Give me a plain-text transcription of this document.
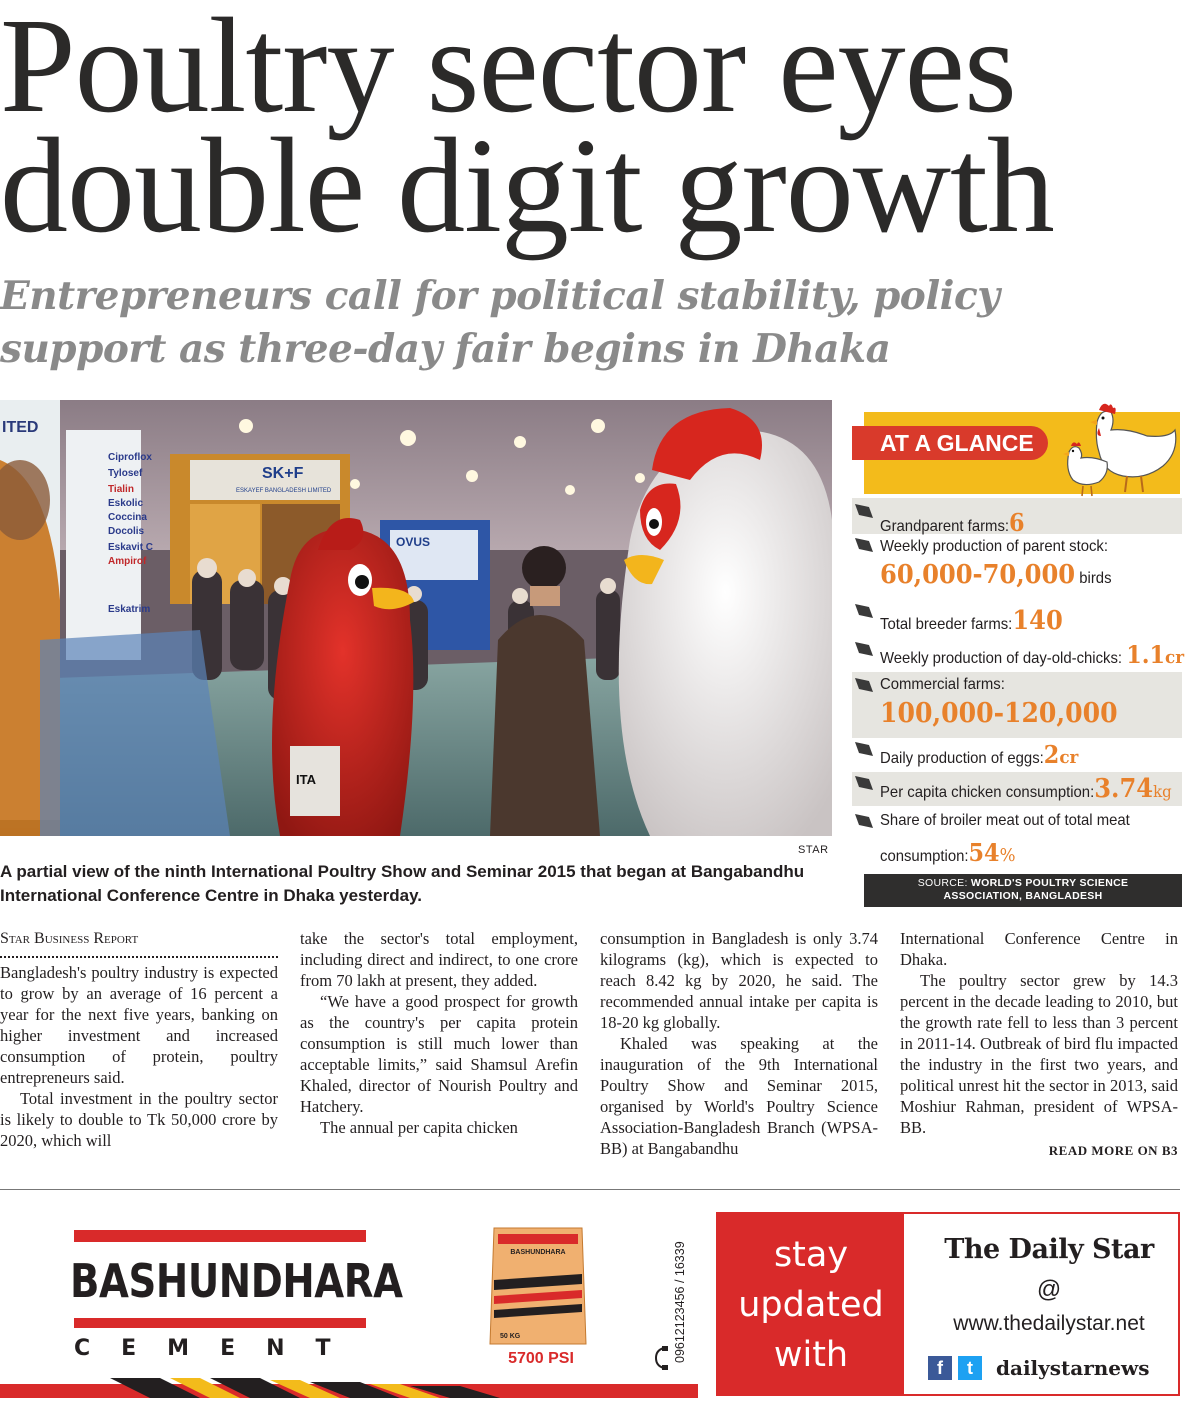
Poultry sector eyes double digit growth
Entrepreneurs call for political stability, policy support as three-day fair begins in Dhaka
ITED
Ciproflox
Tylosef
Tialin
Eskolic
Coccina
Docolis
Eskavit C
Ampirof
Eskatrim
SK+F
ESKAYEF BANGLADESH LIMITED
OVUS
ITA
STAR
A partial view of the ninth International Poultry Show and Seminar 2015 that began at Bangabandhu International Conference Centre in Dhaka yesterday.
AT A GLANCE
Grandparent farms:6
Weekly production of parent stock:
60,000-70,000 birds
Total breeder farms:140
Weekly production of day-old-chicks: 1.1cr
Commercial farms:
100,000-120,000
Daily production of eggs:2cr
Per capita chicken consumption:3.74kg
Share of broiler meat out of total meat
consumption:54%
SOURCE: WORLD'S POULTRY SCIENCE
ASSOCIATION, BANGLADESH
Star Business Report

Bangladesh's poultry industry is expected to grow by an average of 16 percent a year for the next five years, banking on higher investment and increased consumption of protein, poultry entrepreneurs said.

Total investment in the poultry sector is likely to double to Tk 50,000 crore by 2020, which will

take the sector's total employment, including direct and indirect, to one crore from 70 lakh at present, they added.

“We have a good prospect for growth as the country's per capita protein consumption is still much lower than acceptable limits,” said Shamsul Arefin Khaled, director of Nourish Poultry and Hatchery.

The annual per capita chicken

consumption in Bangladesh is only 3.74 kilograms (kg), which is expected to reach 8.42 kg by 2020, he said. The recommended annual intake per capita is 18-20 kg globally.

Khaled was speaking at the inauguration of the 9th International Poultry Show and Seminar 2015, organised by World's Poultry Science Association-Bangladesh Branch (WPSA-BB) at Bangabandhu

International Conference Centre in Dhaka.

The poultry sector grew by 14.3 percent in the decade leading to 2010, but the growth rate fell to less than 3 percent in 2011-14. Outbreak of bird flu impacted the industry in the first two years, and political unrest hit the sector in 2013, said Moshiur Rahman, president of WPSA-BB.

READ MORE ON B3
BASHUNDHARA
CEMENT
BASHUNDHARA
50 KG
5700 PSI	09612123456 / 16339	stay
updated
with
The Daily Star
@
www.thedailystar.net
f	t	dailystarnews
